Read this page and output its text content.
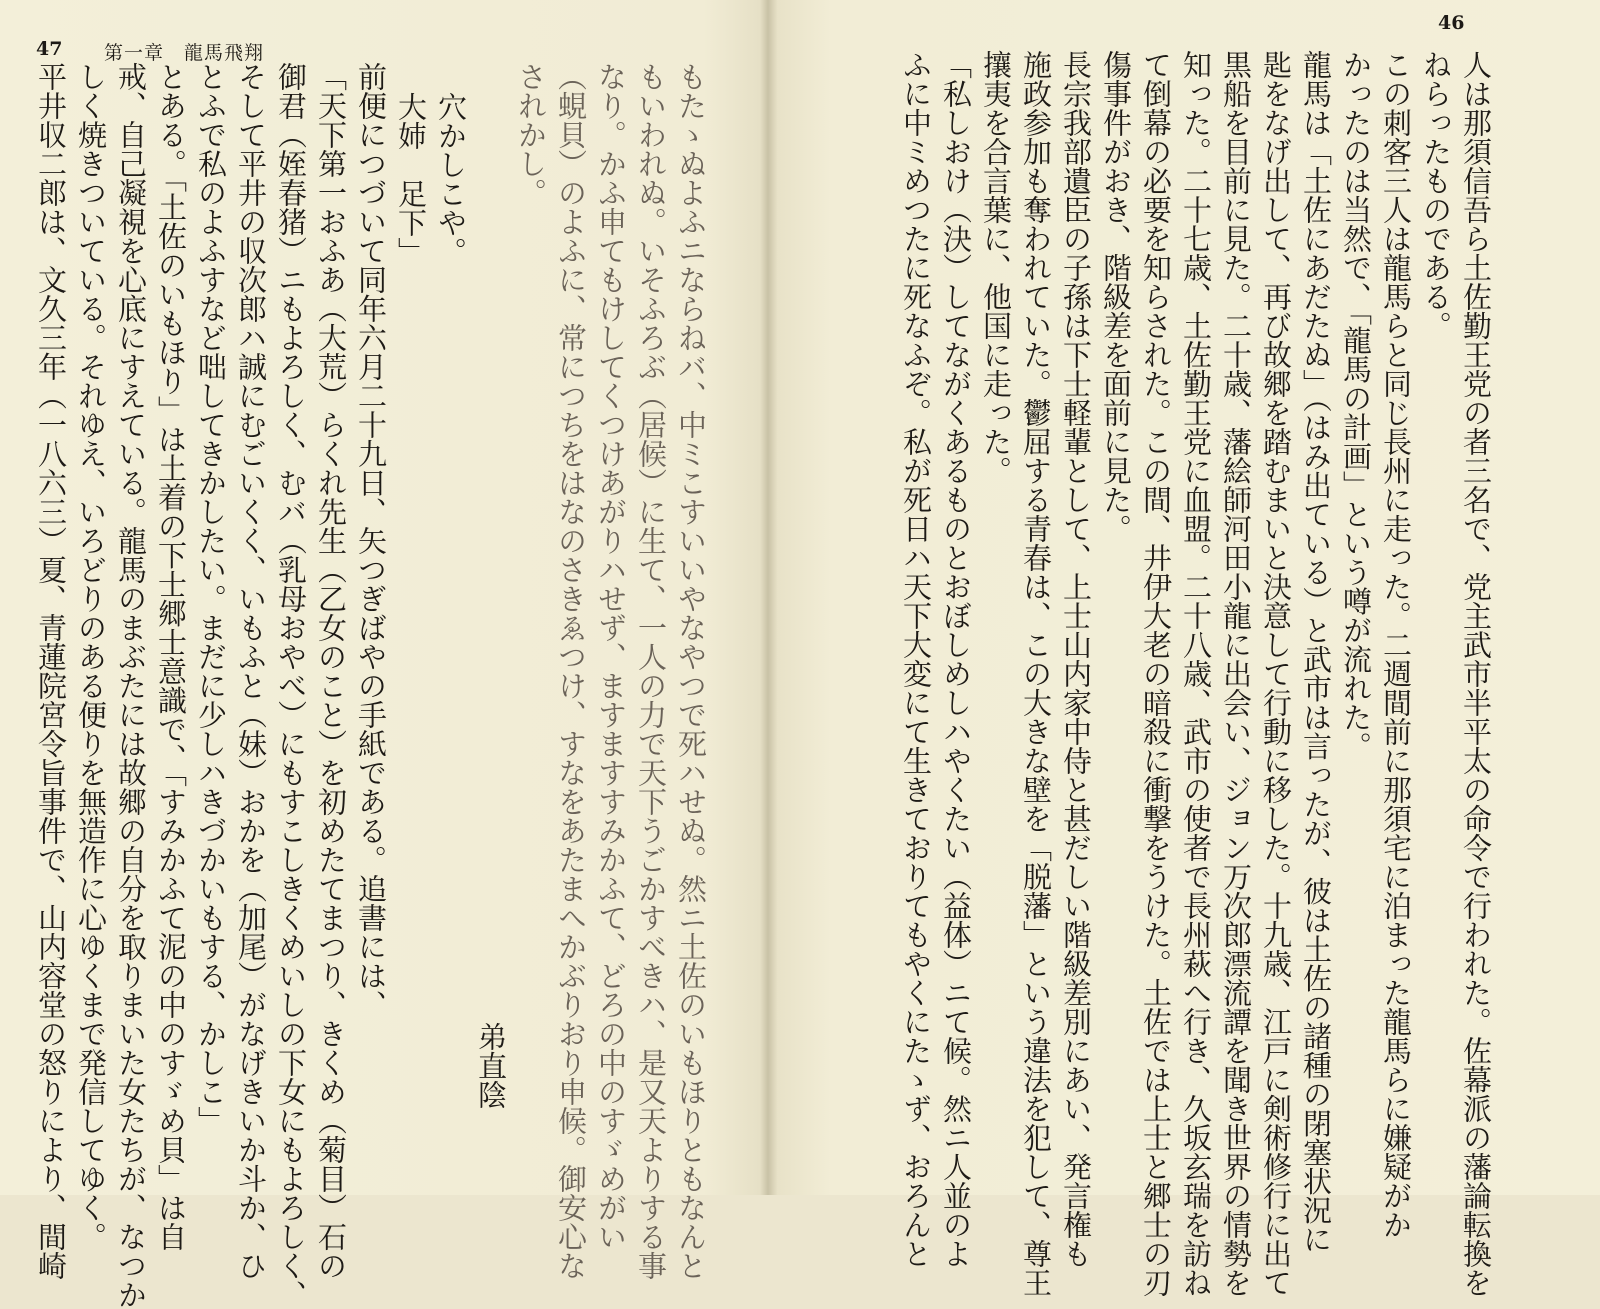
47 第一章　龍馬飛翔
もたゝぬよふニならねバ、中ミこすいいやなやつで死ハせぬ。然ニ土佐のいもほりともなんと
もいわれぬ。いそふろぶ（居候）に生て、一人の力で天下うごかすべきハ、是又天よりする事
なり。かふ申てもけしてくつけあがりハせず、ますますすみかふて、どろの中のすゞめがい
（蜆貝）のよふに、常につちをはなのさきゑつけ、すなをあたまへかぶりおり申候。御安心な
されかし。
弟直陰
穴かしこや。
大姉　足下」
前便につづいて同年六月二十九日、矢つぎばやの手紙である。追書には、
「天下第一おふあ（大荒）らくれ先生（乙女のこと）を初めたてまつり、きくめ（菊目）石の
御君（姪春猪）ニもよろしく、むバ（乳母おやべ）にもすこしきくめいしの下女にもよろしく、
そして平井の収次郎ハ誠にむごいくく、いもふと（妹）おかを（加尾）がなげきいか斗か、ひ
とふで私のよふすなど咄してきかしたい。まだに少しハきづかいもする、かしこ」
とある。「土佐のいもほり」は土着の下士郷士意識で、「すみかふて泥の中のすゞめ貝」は自
戒、自己凝視を心底にすえている。龍馬のまぶたには故郷の自分を取りまいた女たちが、なつか
しく焼きついている。それゆえ、いろどりのある便りを無造作に心ゆくまで発信してゆく。
平井収二郎は、文久三年（一八六三）夏、青蓮院宮令旨事件で、山内容堂の怒りにより、間崎
46
人は那須信吾ら土佐勤王党の者三名で、党主武市半平太の命令で行われた。佐幕派の藩論転換を
ねらったものである。
この刺客三人は龍馬らと同じ長州に走った。二週間前に那須宅に泊まった龍馬らに嫌疑がか
かったのは当然で、「龍馬の計画」という噂が流れた。
龍馬は「土佐にあだたぬ」（はみ出ている）と武市は言ったが、彼は土佐の諸種の閉塞状況に
匙をなげ出して、再び故郷を踏むまいと決意して行動に移した。十九歳、江戸に剣術修行に出て
黒船を目前に見た。二十歳、藩絵師河田小龍に出会い、ジョン万次郎漂流譚を聞き世界の情勢を
知った。二十七歳、土佐勤王党に血盟。二十八歳、武市の使者で長州萩へ行き、久坂玄瑞を訪ね
て倒幕の必要を知らされた。この間、井伊大老の暗殺に衝撃をうけた。土佐では上士と郷士の刃
傷事件がおき、階級差を面前に見た。
長宗我部遺臣の子孫は下士軽輩として、上士山内家中侍と甚だしい階級差別にあい、発言権も
施政参加も奪われていた。鬱屈する青春は、この大きな壁を「脱藩」という違法を犯して、尊王
攘夷を合言葉に、他国に走った。
「私しおけ（決）してながくあるものとおぼしめしハやくたい（益体）ニて候。然ニ人並のよ
ふに中ミめつたに死なふぞ。私が死日ハ天下大変にて生きておりてもやくにたゝず、おろんと
